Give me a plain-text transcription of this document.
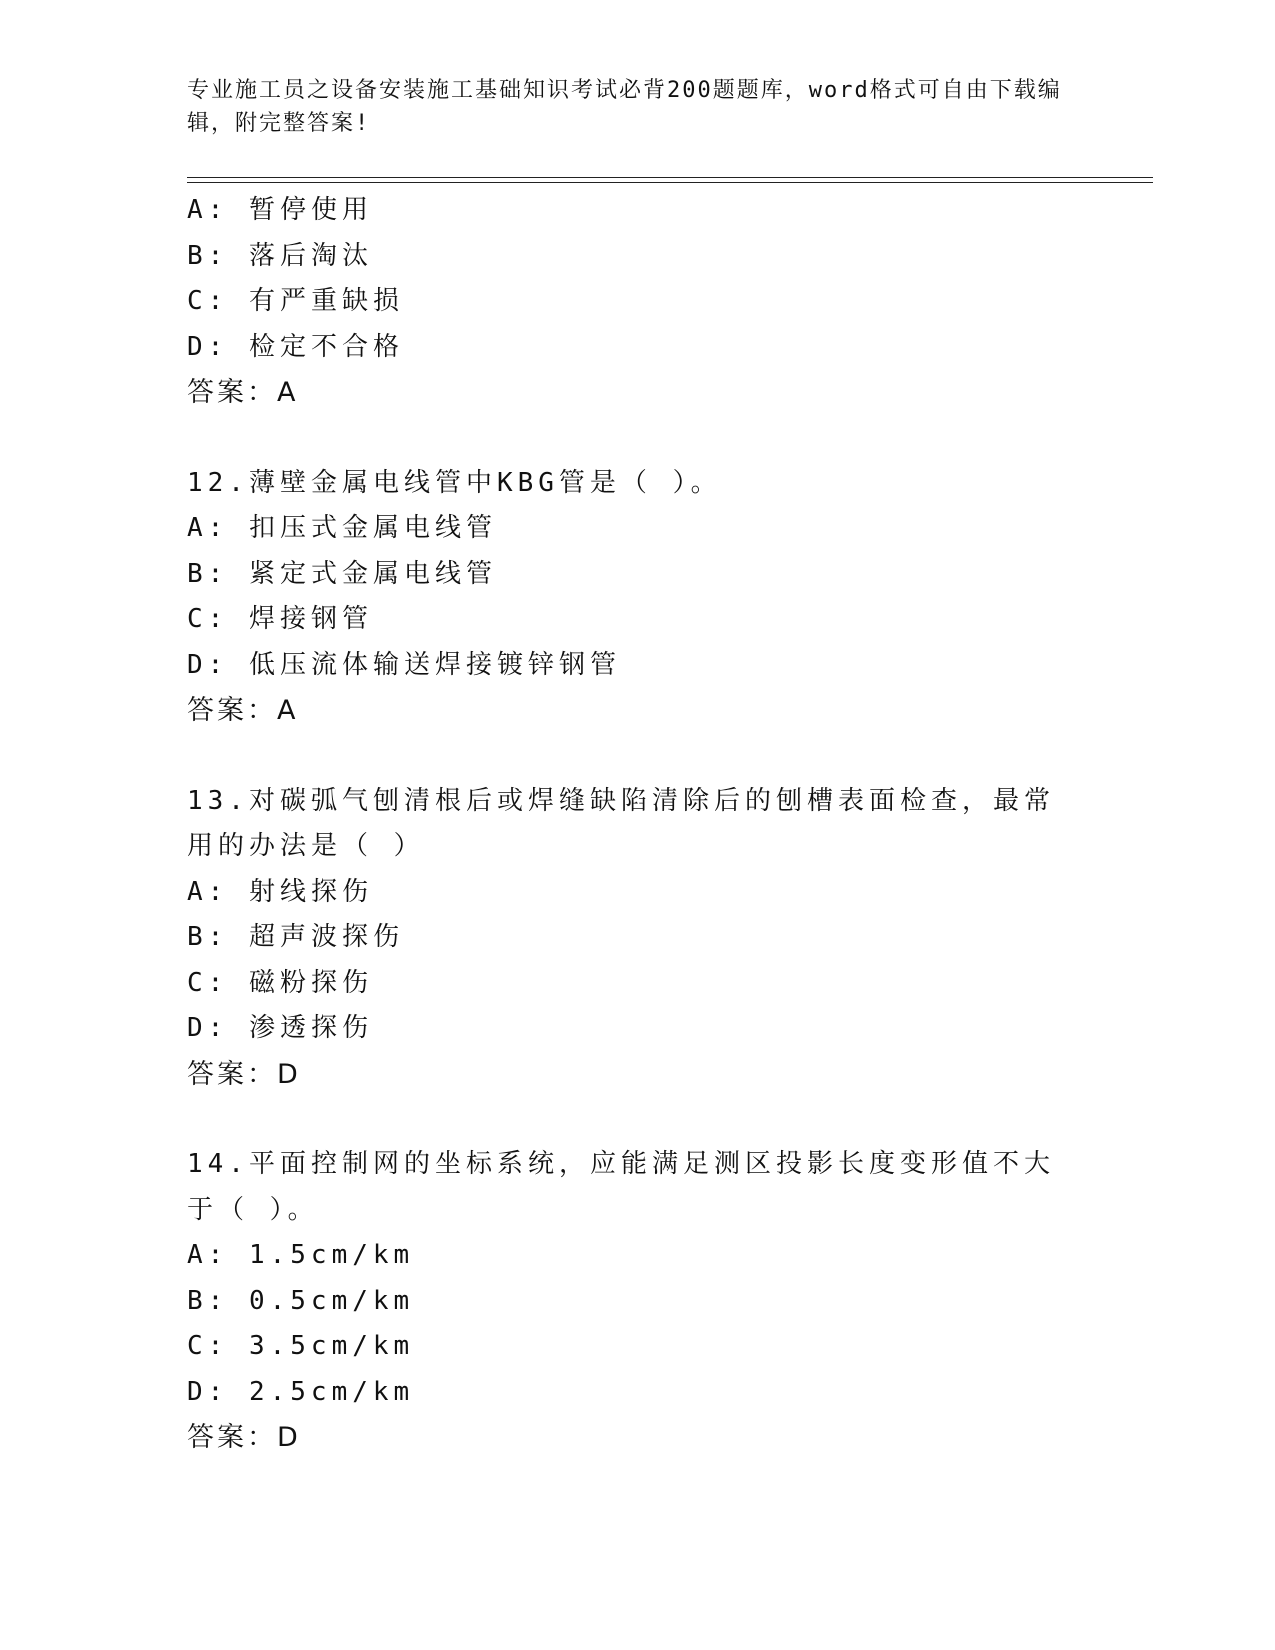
专业施工员之设备安装施工基础知识考试必背200题题库，word格式可自由下载编辑，附完整答案!
A: 暂停使用
B: 落后淘汰
C: 有严重缺损
D: 检定不合格
答案：A
12.薄壁金属电线管中KBG管是（ ）。
A: 扣压式金属电线管
B: 紧定式金属电线管
C: 焊接钢管
D: 低压流体输送焊接镀锌钢管
答案：A
13.对碳弧气刨清根后或焊缝缺陷清除后的刨槽表面检查，最常用的办法是（ ）
A: 射线探伤
B: 超声波探伤
C: 磁粉探伤
D: 渗透探伤
答案：D
14.平面控制网的坐标系统，应能满足测区投影长度变形值不大于（ ）。
A: 1.5cm/km
B: 0.5cm/km
C: 3.5cm/km
D: 2.5cm/km
答案：D
